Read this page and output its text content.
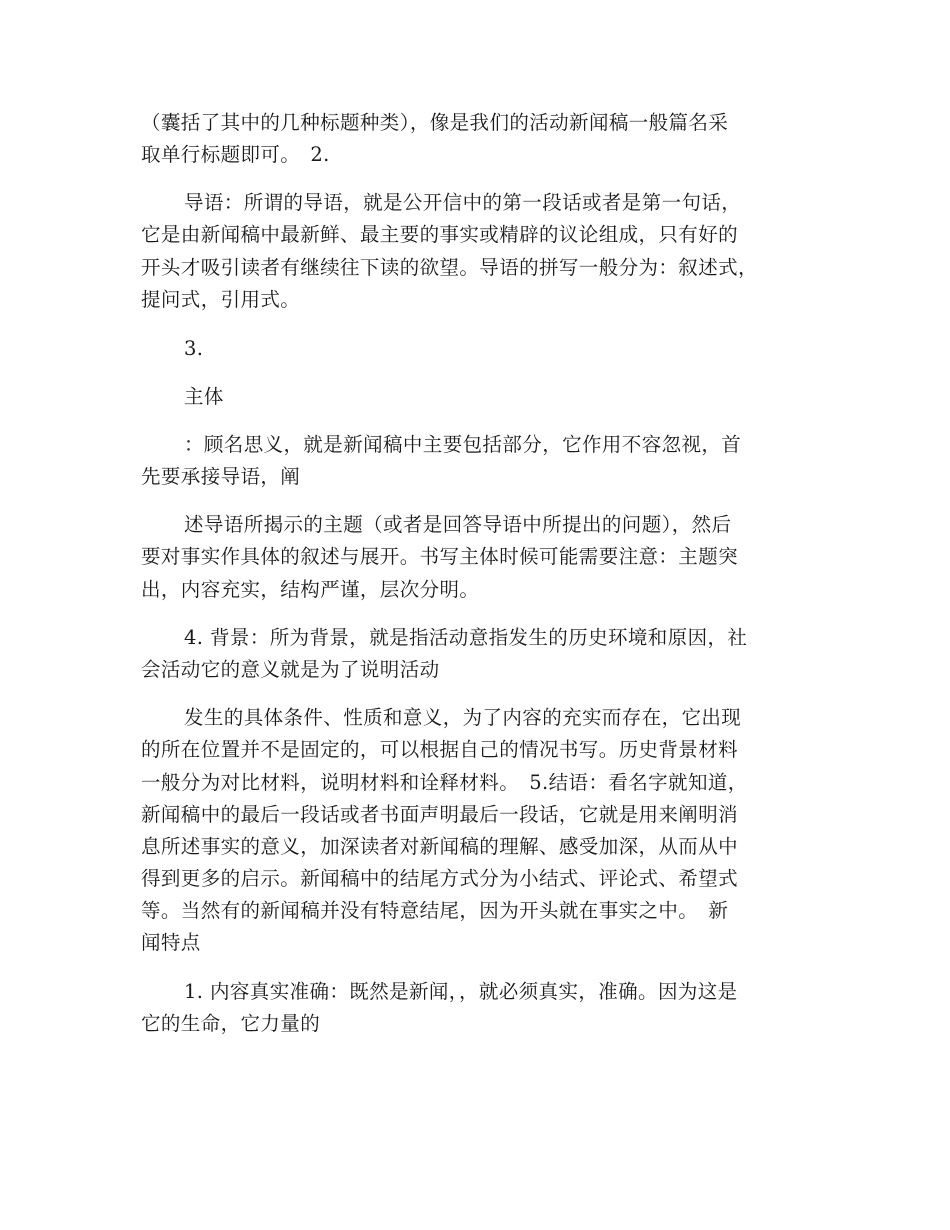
（囊括了其中的几种标题种类），像是我们的活动新闻稿一般篇名采

取单行标题即可。　2.

导语：所谓的导语，就是公开信中的第一段话或者是第一句话，

它是由新闻稿中最新鲜、最主要的事实或精辟的议论组成，只有好的

开头才吸引读者有继续往下读的欲望。导语的拼写一般分为：叙述式，

提问式，引用式。

3.

主体

：顾名思义，就是新闻稿中主要包括部分，它作用不容忽视，首

先要承接导语，阐

述导语所揭示的主题（或者是回答导语中所提出的问题），然后

要对事实作具体的叙述与展开。书写主体时候可能需要注意：主题突

出，内容充实，结构严谨，层次分明。

4. 背景：所为背景，就是指活动意指发生的历史环境和原因，社

会活动它的意义就是为了说明活动

发生的具体条件、性质和意义，为了内容的充实而存在，它出现

的所在位置并不是固定的，可以根据自己的情况书写。历史背景材料

一般分为对比材料，说明材料和诠释材料。　5.结语：看名字就知道，

新闻稿中的最后一段话或者书面声明最后一段话，它就是用来阐明消

息所述事实的意义，加深读者对新闻稿的理解、感受加深，从而从中

得到更多的启示。新闻稿中的结尾方式分为小结式、评论式、希望式

等。当然有的新闻稿并没有特意结尾，因为开头就在事实之中。　新

闻特点

1. 内容真实准确：既然是新闻，，就必须真实，准确。因为这是

它的生命，它力量的
